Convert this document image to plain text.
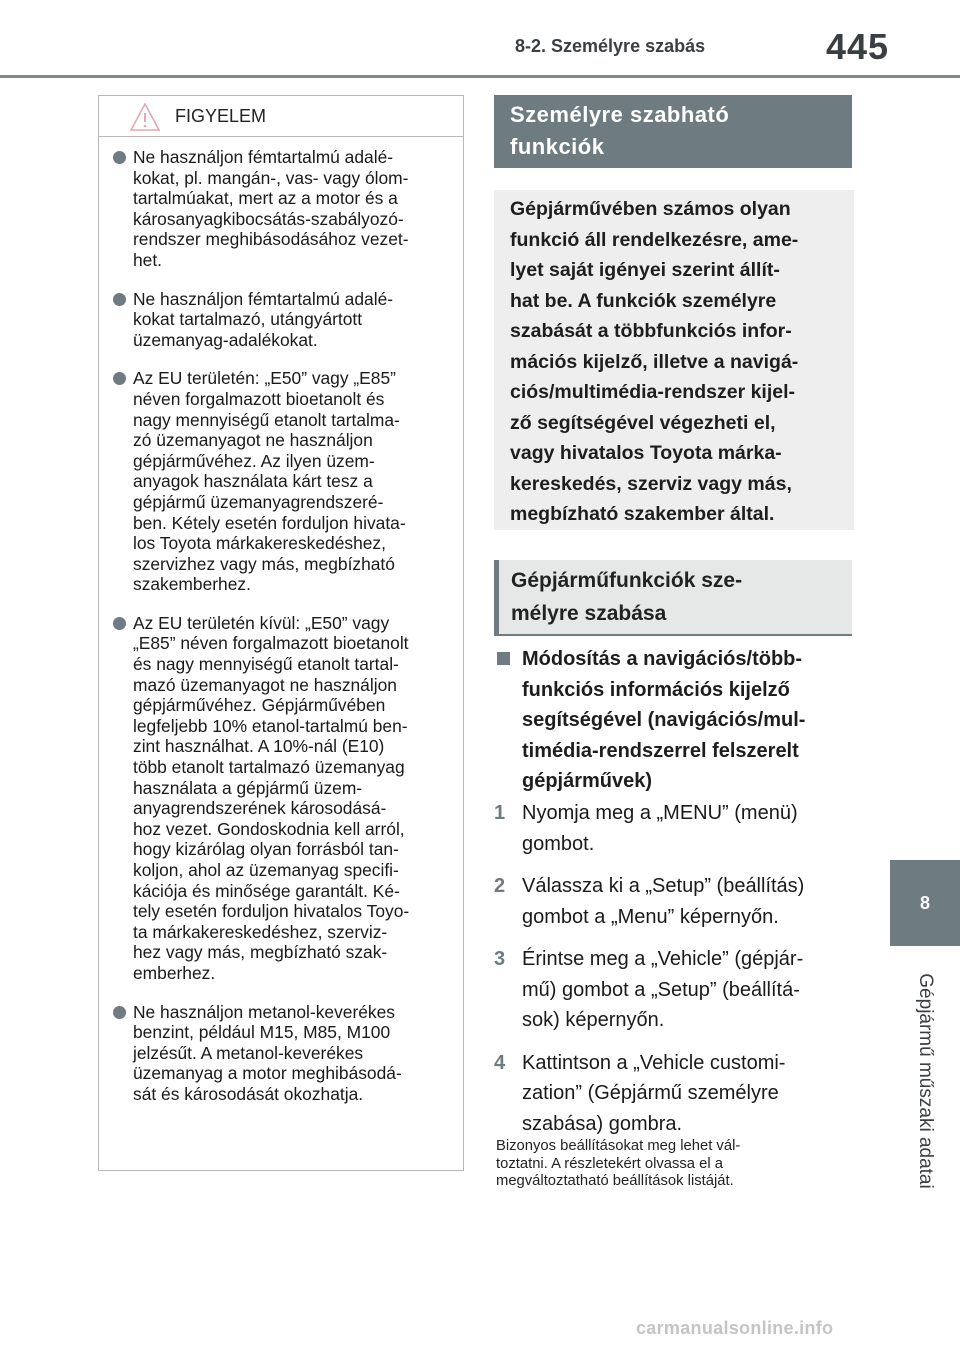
8-2. Személyre szabás	445
8
Gépjármű műszaki adatai
FIGYELEM
Ne használjon fémtartalmú adalé-
kokat, pl. mangán-, vas- vagy ólom-
tartalmúakat, mert az a motor és a
károsanyagkibocsátás-szabályozó-
rendszer meghibásodásához vezet-
het.
Ne használjon fémtartalmú adalé-
kokat tartalmazó, utángyártott
üzemanyag-adalékokat.
Az EU területén: „E50” vagy „E85”
néven forgalmazott bioetanolt és
nagy mennyiségű etanolt tartalma-
zó üzemanyagot ne használjon
gépjárművéhez. Az ilyen üzem-
anyagok használata kárt tesz a
gépjármű üzemanyagrendszeré-
ben. Kétely esetén forduljon hivata-
los Toyota márkakereskedéshez,
szervizhez vagy más, megbízható
szakemberhez.
Az EU területén kívül: „E50” vagy
„E85” néven forgalmazott bioetanolt
és nagy mennyiségű etanolt tartal-
mazó üzemanyagot ne használjon
gépjárművéhez. Gépjárművében
legfeljebb 10% etanol-tartalmú ben-
zint használhat. A 10%-nál (E10)
több etanolt tartalmazó üzemanyag
használata a gépjármű üzem-
anyagrendszerének károsodásá-
hoz vezet. Gondoskodnia kell arról,
hogy kizárólag olyan forrásból tan-
koljon, ahol az üzemanyag specifi-
kációja és minősége garantált. Ké-
tely esetén forduljon hivatalos Toyo-
ta márkakereskedéshez, szerviz-
hez vagy más, megbízható szak-
emberhez.
Ne használjon metanol-keverékes
benzint, például M15, M85, M100
jelzésűt. A metanol-keverékes
üzemanyag a motor meghibásodá-
sát és károsodását okozhatja.
Személyre szabható
funkciók
Gépjárművében számos olyan
funkció áll rendelkezésre, ame-
lyet saját igényei szerint állít-
hat be. A funkciók személyre
szabását a többfunkciós infor-
mációs kijelző, illetve a navigá-
ciós/multimédia-rendszer kijel-
ző segítségével végezheti el,
vagy hivatalos Toyota márka-
kereskedés, szerviz vagy más,
megbízható szakember által.
Gépjárműfunkciók sze-
mélyre szabása
Módosítás a navigációs/több-
funkciós információs kijelző
segítségével (navigációs/mul-
timédia-rendszerrel felszerelt
gépjárművek)
1 Nyomja meg a „MENU” (menü)
gombot.
2 Válassza ki a „Setup” (beállítás)
gombot a „Menu” képernyőn.
3 Érintse meg a „Vehicle” (gépjár-
mű) gombot a „Setup” (beállítá-
sok) képernyőn.
4 Kattintson a „Vehicle customi-
zation” (Gépjármű személyre
szabása) gombra.
Bizonyos beállításokat meg lehet vál-
toztatni. A részletekért olvassa el a
megváltoztatható beállítások listáját.
carmanualsonline.info
